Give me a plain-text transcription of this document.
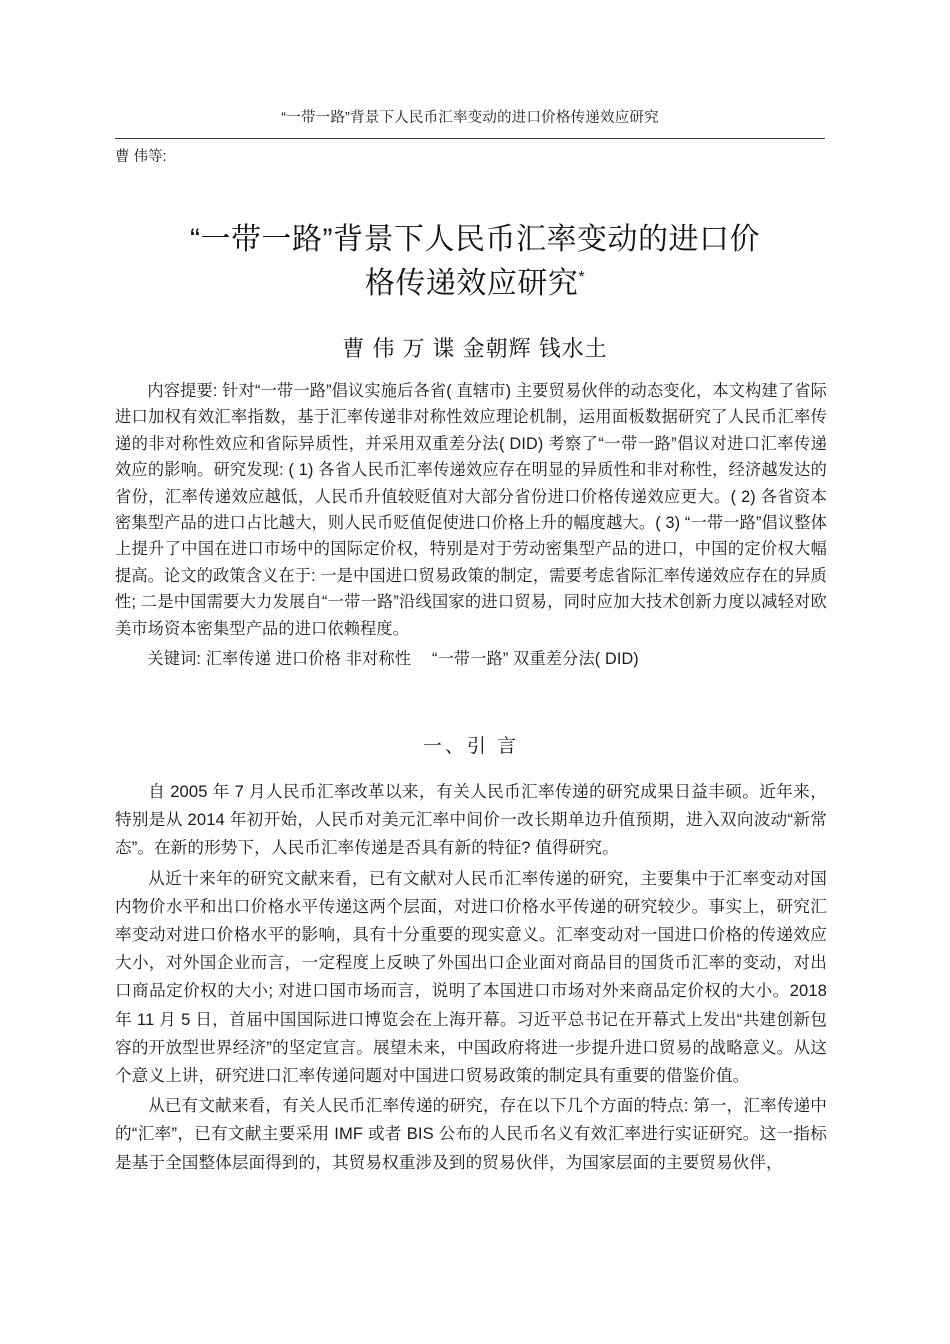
“一带一路”背景下人民币汇率变动的进口价格传递效应研究
曹 伟等:
“一带一路”背景下人民币汇率变动的进口价格传递效应研究*
曹 伟 万 谍 金朝辉 钱水土

内容提要: 针对“一带一路”倡议实施后各省( 直辖市) 主要贸易伙伴的动态变化，本文构建了省际进口加权有效汇率指数，基于汇率传递非对称性效应理论机制，运用面板数据研究了人民币汇率传递的非对称性效应和省际异质性，并采用双重差分法( DID) 考察了“一带一路”倡议对进口汇率传递效应的影响。研究发现: ( 1) 各省人民币汇率传递效应存在明显的异质性和非对称性，经济越发达的省份，汇率传递效应越低，人民币升值较贬值对大部分省份进口价格传递效应更大。( 2) 各省资本密集型产品的进口占比越大，则人民币贬值促使进口价格上升的幅度越大。( 3) “一带一路”倡议整体上提升了中国在进口市场中的国际定价权，特别是对于劳动密集型产品的进口，中国的定价权大幅提高。论文的政策含义在于: 一是中国进口贸易政策的制定，需要考虑省际汇率传递效应存在的异质性; 二是中国需要大力发展自“一带一路”沿线国家的进口贸易，同时应加大技术创新力度以减轻对欧美市场资本密集型产品的进口依赖程度。

关键词: 汇率传递 进口价格 非对称性 　“一带一路” 双重差分法( DID)

一、引 言

自 2005 年 7 月人民币汇率改革以来，有关人民币汇率传递的研究成果日益丰硕。近年来，特别是从 2014 年初开始，人民币对美元汇率中间价一改长期单边升值预期，进入双向波动“新常态”。在新的形势下，人民币汇率传递是否具有新的特征? 值得研究。

从近十来年的研究文献来看，已有文献对人民币汇率传递的研究，主要集中于汇率变动对国内物价水平和出口价格水平传递这两个层面，对进口价格水平传递的研究较少。事实上，研究汇率变动对进口价格水平的影响，具有十分重要的现实意义。汇率变动对一国进口价格的传递效应大小，对外国企业而言，一定程度上反映了外国出口企业面对商品目的国货币汇率的变动，对出口商品定价权的大小; 对进口国市场而言，说明了本国进口市场对外来商品定价权的大小。2018 年 11 月 5 日，首届中国国际进口博览会在上海开幕。习近平总书记在开幕式上发出“共建创新包容的开放型世界经济”的坚定宣言。展望未来，中国政府将进一步提升进口贸易的战略意义。从这个意义上讲，研究进口汇率传递问题对中国进口贸易政策的制定具有重要的借鉴价值。

从已有文献来看，有关人民币汇率传递的研究，存在以下几个方面的特点: 第一，汇率传递中的“汇率”，已有文献主要采用 IMF 或者 BIS 公布的人民币名义有效汇率进行实证研究。这一指标是基于全国整体层面得到的，其贸易权重涉及到的贸易伙伴，为国家层面的主要贸易伙伴，
